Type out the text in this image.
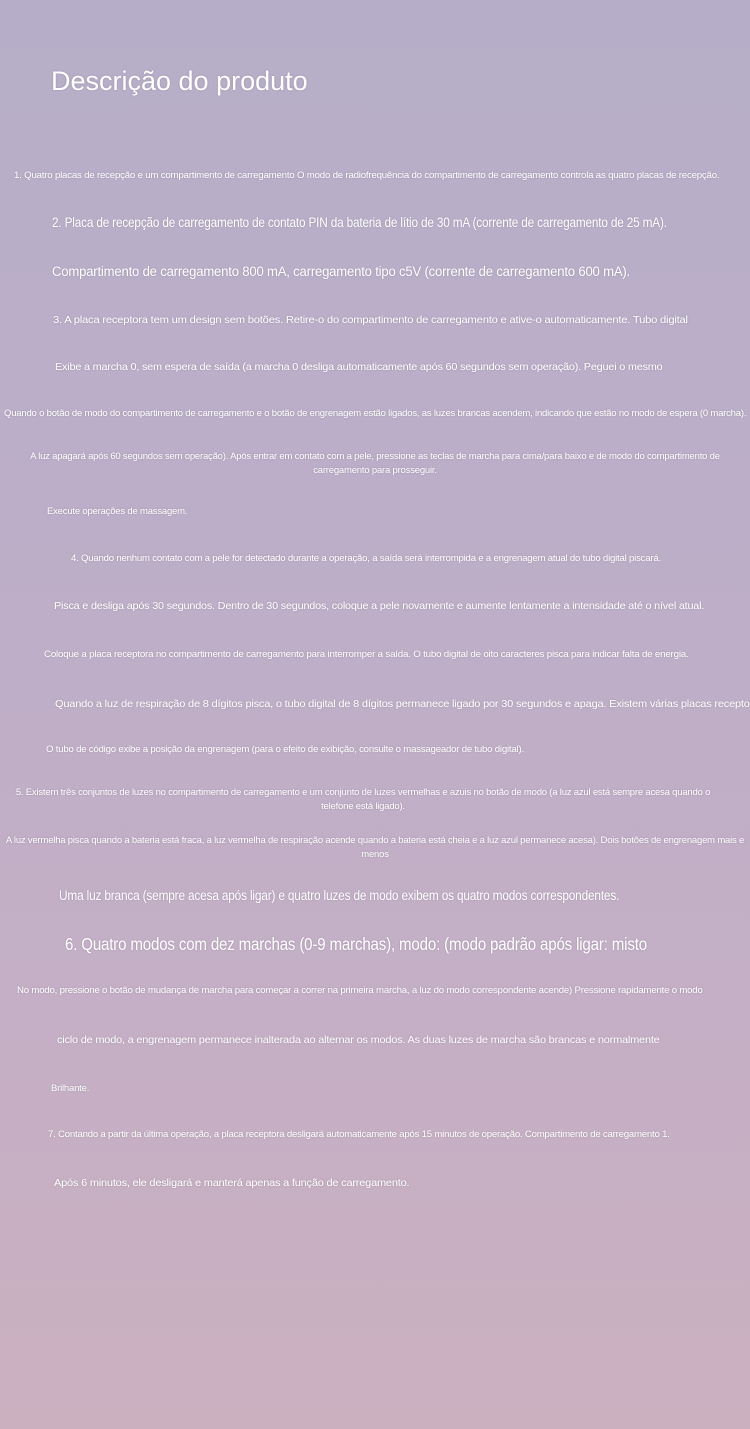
Descrição do produto
1. Quatro placas de recepção e um compartimento de carregamento O modo de radiofrequência do compartimento de carregamento controla as quatro placas de recepção.
2. Placa de recepção de carregamento de contato PIN da bateria de lítio de 30 mA (corrente de carregamento de 25 mA).
Compartimento de carregamento 800 mA, carregamento tipo c5V (corrente de carregamento 600 mA).
3. A placa receptora tem um design sem botões. Retire-o do compartimento de carregamento e ative-o automaticamente. Tubo digital
Exibe a marcha 0, sem espera de saída (a marcha 0 desliga automaticamente após 60 segundos sem operação). Peguei o mesmo
Quando o botão de modo do compartimento de carregamento e o botão de engrenagem estão ligados, as luzes brancas acendem, indicando que estão no modo de espera (0 marcha).
A luz apagará após 60 segundos sem operação). Após entrar em contato com a pele, pressione as teclas de marcha para cima/para baixo e de modo do compartimento de carregamento para prosseguir.
Execute operações de massagem.
4. Quando nenhum contato com a pele for detectado durante a operação, a saída será interrompida e a engrenagem atual do tubo digital piscará.
Pisca e desliga após 30 segundos. Dentro de 30 segundos, coloque a pele novamente e aumente lentamente a intensidade até o nível atual.
Coloque a placa receptora no compartimento de carregamento para interromper a saída. O tubo digital de oito caracteres pisca para indicar falta de energia.
Quando a luz de respiração de 8 dígitos pisca, o tubo digital de 8 dígitos permanece ligado por 30 segundos e apaga. Existem várias placas recepto
O tubo de código exibe a posição da engrenagem (para o efeito de exibição, consulte o massageador de tubo digital).
5. Existem três conjuntos de luzes no compartimento de carregamento e um conjunto de luzes vermelhas e azuis no botão de modo (a luz azul está sempre acesa quando o telefone está ligado).
A luz vermelha pisca quando a bateria está fraca, a luz vermelha de respiração acende quando a bateria está cheia e a luz azul permanece acesa). Dois botões de engrenagem mais e menos
Uma luz branca (sempre acesa após ligar) e quatro luzes de modo exibem os quatro modos correspondentes.
6. Quatro modos com dez marchas (0-9 marchas), modo: (modo padrão após ligar: misto
No modo, pressione o botão de mudança de marcha para começar a correr na primeira marcha, a luz do modo correspondente acende) Pressione rapidamente o modo
ciclo de modo, a engrenagem permanece inalterada ao alternar os modos. As duas luzes de marcha são brancas e normalmente
Brilhante.
7. Contando a partir da última operação, a placa receptora desligará automaticamente após 15 minutos de operação. Compartimento de carregamento 1.
Após 6 minutos, ele desligará e manterá apenas a função de carregamento.
